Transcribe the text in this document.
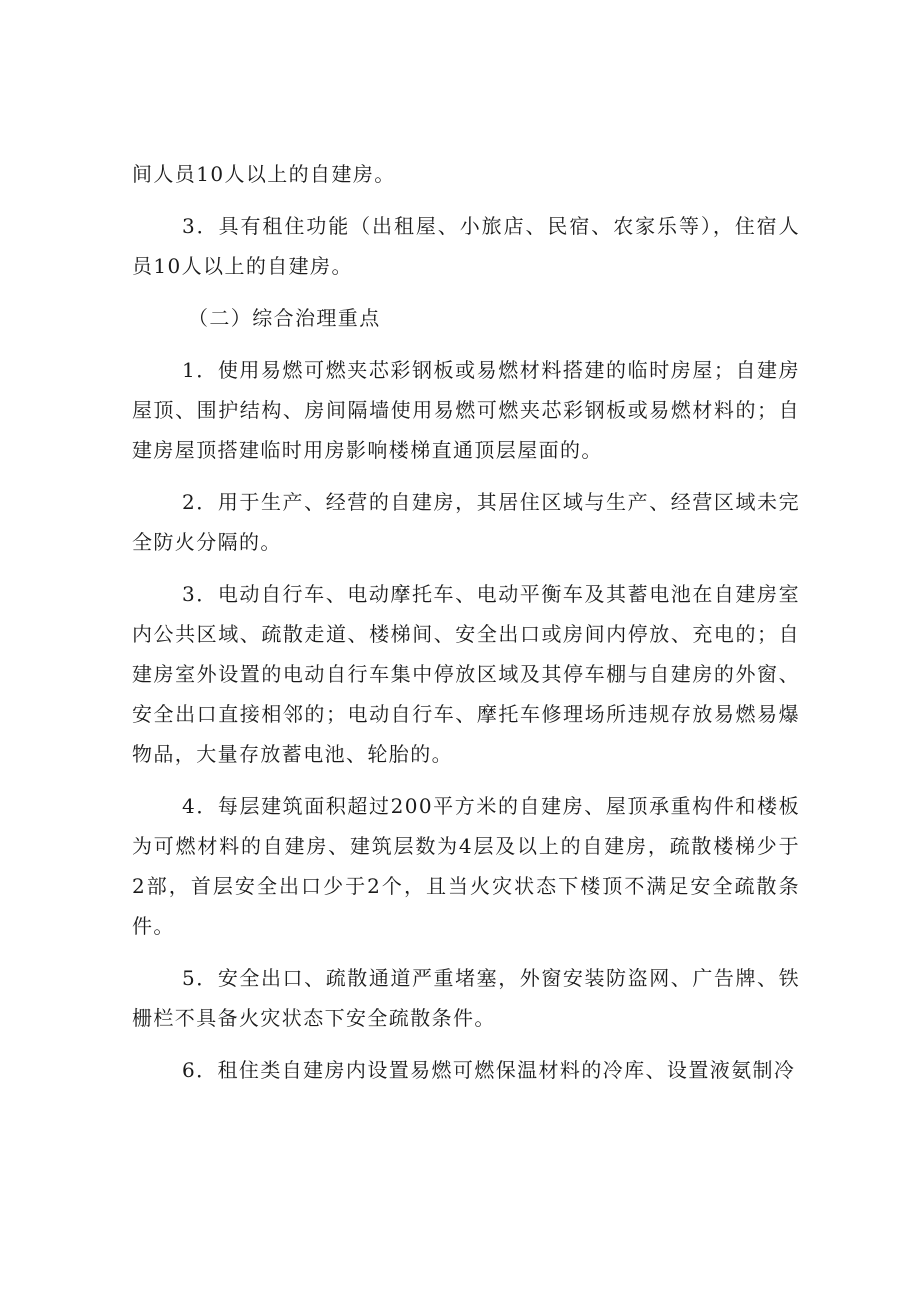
间人员10人以上的自建房。

3．具有租住功能（出租屋、小旅店、民宿、农家乐等），住宿人员10人以上的自建房。

（二）综合治理重点

1．使用易燃可燃夹芯彩钢板或易燃材料搭建的临时房屋；自建房屋顶、围护结构、房间隔墙使用易燃可燃夹芯彩钢板或易燃材料的；自建房屋顶搭建临时用房影响楼梯直通顶层屋面的。

2．用于生产、经营的自建房，其居住区域与生产、经营区域未完全防火分隔的。

3．电动自行车、电动摩托车、电动平衡车及其蓄电池在自建房室内公共区域、疏散走道、楼梯间、安全出口或房间内停放、充电的；自建房室外设置的电动自行车集中停放区域及其停车棚与自建房的外窗、安全出口直接相邻的；电动自行车、摩托车修理场所违规存放易燃易爆物品，大量存放蓄电池、轮胎的。

4．每层建筑面积超过200平方米的自建房、屋顶承重构件和楼板为可燃材料的自建房、建筑层数为4层及以上的自建房，疏散楼梯少于2部，首层安全出口少于2个，且当火灾状态下楼顶不满足安全疏散条件。

5．安全出口、疏散通道严重堵塞，外窗安装防盗网、广告牌、铁栅栏不具备火灾状态下安全疏散条件。

6．租住类自建房内设置易燃可燃保温材料的冷库、设置液氨制冷
